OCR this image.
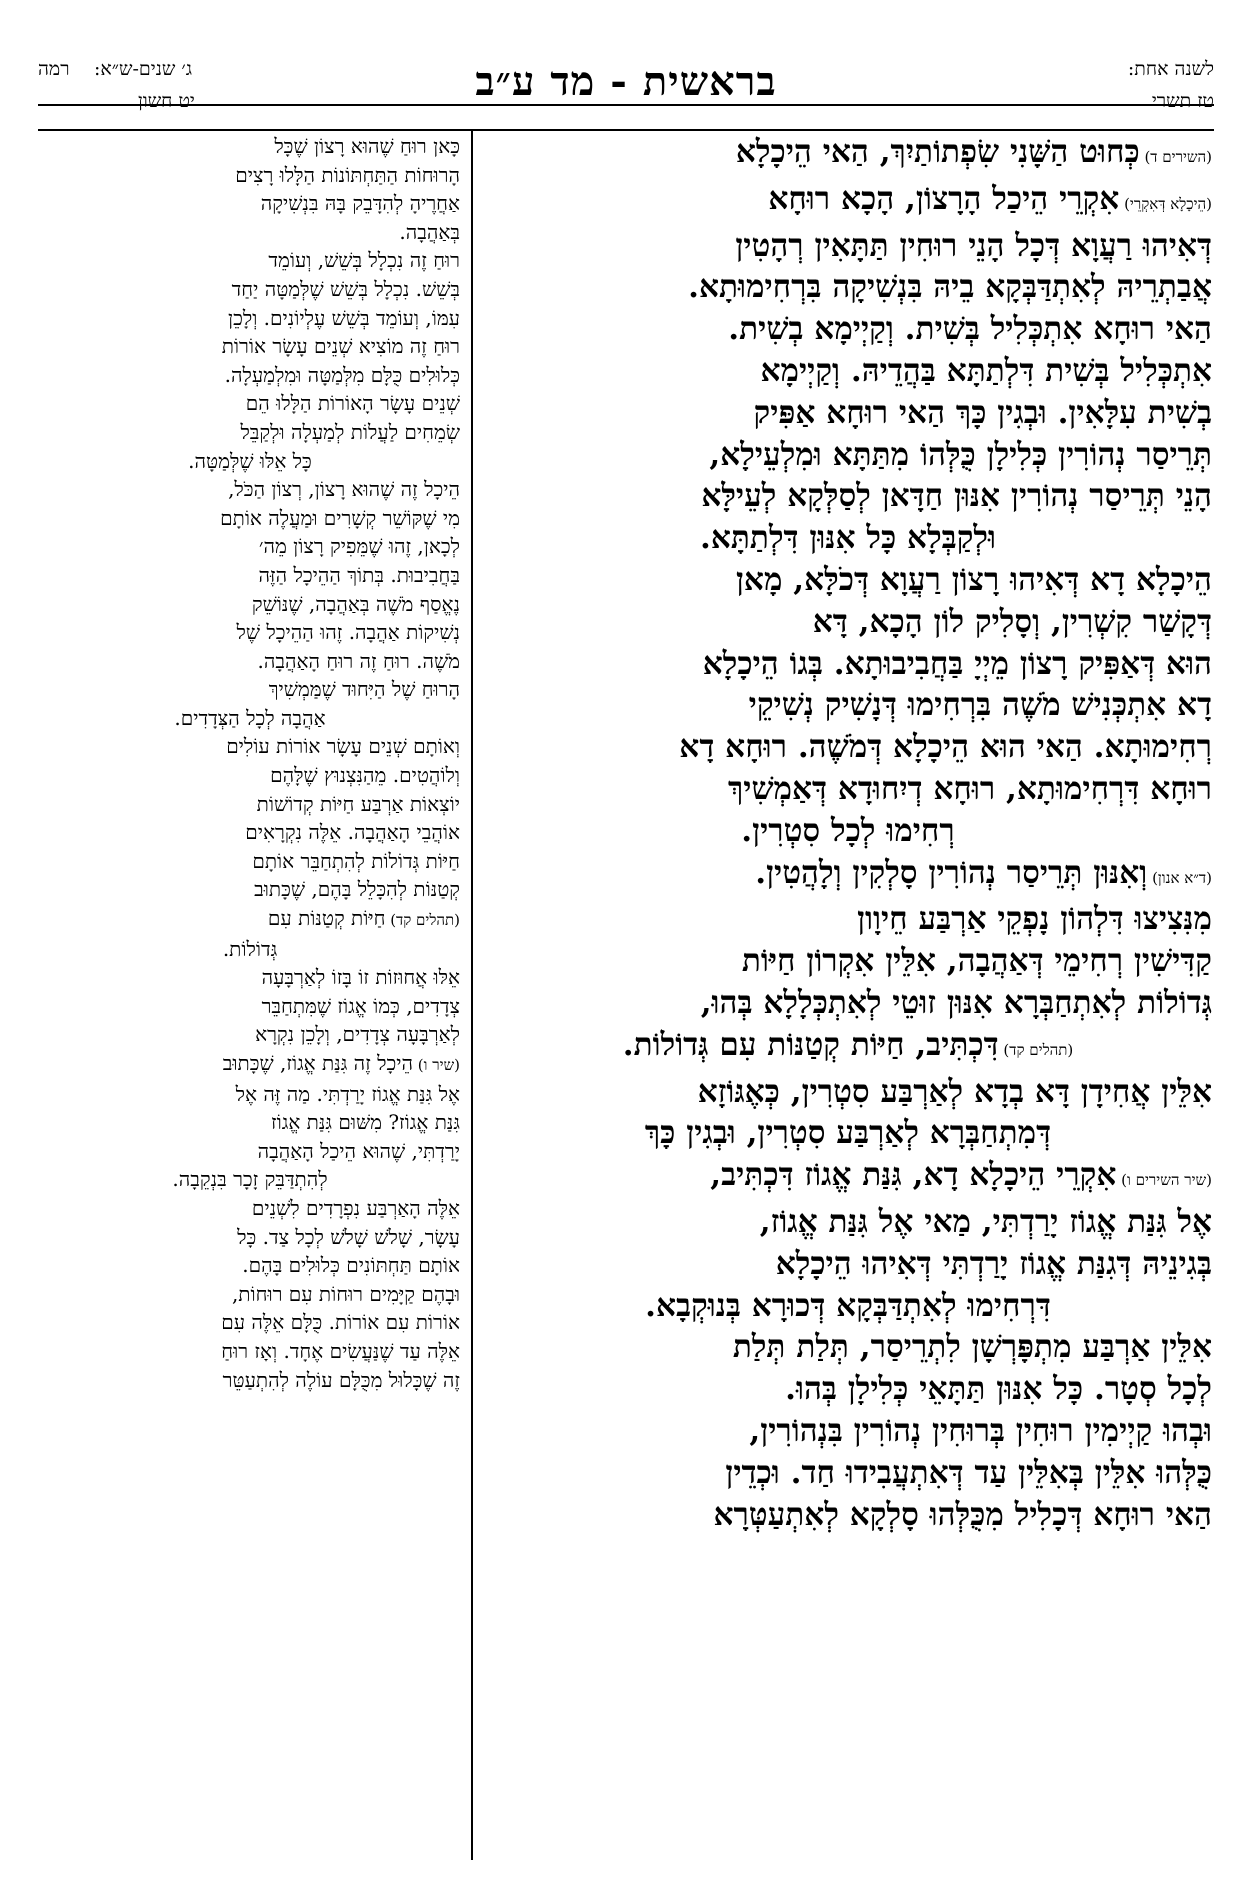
לשנה אחת:
טז תשרי
בראשית - מד ע״ב
ג׳ שנים-ש״א:
רמה
יט חשון

(השירים ד) כְּחוּט הַשָּׁנִי שִׂפְתוֹתַיִךְ, הַאי הֵיכָלָא

(הֵיכָלָא דְּאִקְרֵי) אִקְרֵי הֵיכַל הָרָצוֹן, הָכָא רוּחָא

דְּאִיהוּ רַעֲוָא דְּכָל הָנֵי רוּחִין תַּתָּאִין רְהָטִין

אֲבַתְרֵיהּ לְאִתְדַּבְּקָא בֵיהּ בִּנְשִׁיקָה בִּרְחִימוּתָא.

הַאי רוּחָא אִתְכְּלִיל בְּשִׁית. וְקַיְימָא בְשִׁית.

אִתְכְּלִיל בְּשִׁית דִּלְתַתָּא בַּהֲדֵיהּ. וְקַיְימָא

בְשִׁית עִלָּאִין. וּבְגִין כָּךְ הַאי רוּחָא אַפִּיק

תְּרֵיסַר נְהוֹרִין כְּלִילָן כֻּלְּהוֹ מִתַּתָּא וּמִלְעֵילָא,

הָנֵי תְּרֵיסַר נְהוֹרִין אִנּוּן חַדָּאן לְסַלְּקָא לְעֵילָּא

וּלְקַבְּלָא כָּל אִנּוּן דִּלְתַתָּא.

הֵיכָלָא דָא דְּאִיהוּ רָצוֹן רַעֲוָא דְּכֹלָּא, מָאן

דְּקָשַׁר קִשְׁרִין, וְסָלִיק לוֹן הָכָא, דָּא

הוּא דְּאַפִּיק רָצוֹן מֵיְיָ בַּחֲבִיבוּתָא. בְּגוֹ הֵיכָלָא

דָא אִתְכְּנִישׁ מֹשֶׁה בִּרְחִימוּ דְּנָשִׁיק נְשִׁיקֵי

רְחִימוּתָא. הַאי הוּא הֵיכָלָא דְּמֹשֶׁה. רוּחָא דָא

רוּחָא דִּרְחִימוּתָא, רוּחָא דְיִחוּדָא דְּאַמְשִׁיךְ

רְחִימוּ לְכָל סִטְרִין.

(ד״א אנון) וְאִנּוּן תְּרֵיסַר נְהוֹרִין סָלְקִין וְלָהֲטִין.

מִנִּצִיצוּ דִּלְהוֹן נָפְקֵי אַרְבַּע חֵיוָון

קַדִּישִׁין רְחִימֵי דְּאַהֲבָה, אִלֵּין אִקְרוֹן חַיּוֹת

גְּדוֹלוֹת לְאִתְחַבְּרָא אִנּוּן זוּטֵי לְאִתְכְּלָלָא בְּהוּ,

(תהלים קד) דִּכְתִּיב, חַיּוֹת קְטַנּוֹת עִם גְּדוֹלוֹת.

אִלֵּין אֲחִידָן דָּא בְדָא לְאַרְבַּע סִטְרִין, כְּאֶגּוֹזָא

דְּמִתְחַבְּרָא לְאַרְבַּע סִטְרִין, וּבְגִין כָּךְ

(שיר השירים ו) אִקְרֵי הֵיכָלָא דָא, גִּנַּת אֱגוֹז דִּכְתִּיב,

אֶל גִּנַּת אֱגוֹז יָרַדְתִּי, מַאי אֶל גִּנַּת אֱגוֹז,

בְּגִינֵיהּ דְּגִנַּת אֱגוֹז יָרַדְתִּי דְּאִיהוּ הֵיכָלָא

דִּרְחִימוּ לְאִתְדַּבְּקָא דְּכוּרָא בְּנוּקְבָא.

אִלֵּין אַרְבַּע מִתְפָּרְשָׁן לִתְרֵיסַר, תְּלַת תְּלַת

לְכָל סְטָר. כָּל אִנּוּן תַּתָּאֵי כְּלִילָן בְּהוּ.

וּבְהוּ קַיְימִין רוּחִין בְּרוּחִין נְהוֹרִין בִּנְהוֹרִין,

כֻּלְּהוּ אִלֵּין בְּאִלֵּין עַד דְּאִתְעֲבִידוּ חַד. וּכְדֵין

הַאי רוּחָא דְּכָלִיל מִכֻּלְּהוּ סָלְקָא לְאִתְעַטְּרָא

כָּאן רוּחַ שֶׁהוּא רָצוֹן שֶׁכָּל

הָרוּחוֹת הַתַּחְתּוֹנוֹת הַלָּלוּ רָצִים

אַחֲרֶיהָ לְהִדָּבֵק בָּהּ בִּנְשִׁיקָה

בְּאַהֲבָה.

רוּחַ זֶה נִכְלָל בְּשֵׁשׁ, וְעוֹמֵד

בְּשֵׁשׁ. נִכְלָל בְּשֵׁשׁ שֶׁלְּמַטָּה יַחַד

עִמּוֹ, וְעוֹמֵד בְּשֵׁשׁ עֶלְיוֹנִים. וְלָכֵן

רוּחַ זֶה מוֹצִיא שְׁנֵים עָשָׂר אוֹרוֹת

כְּלוּלִים כֻּלָּם מִלְּמַטָּה וּמִלְמַעְלָה.

שְׁנֵים עָשָׂר הָאוֹרוֹת הַלָּלוּ הֵם

שְׂמֵחִים לַעֲלוֹת לְמַעְלָה וּלְקַבֵּל

כָּל אֵלּוּ שֶׁלְּמַטָּה.

הֵיכָל זֶה שֶׁהוּא רָצוֹן, רְצוֹן הַכֹּל,

מִי שֶׁקּוֹשֵׁר קְשָׁרִים וּמַעֲלֶה אוֹתָם

לְכָאן, זֶהוּ שֶׁמֵּפִיק רָצוֹן מֵה׳

בַּחֲבִיבוּת. בְּתוֹךְ הַהֵיכָל הַזֶּה

נֶאֱסַף מֹשֶׁה בְּאַהֲבָה, שֶׁנּוֹשֵׁק

נְשִׁיקוֹת אַהֲבָה. זֶהוּ הַהֵיכָל שֶׁל

מֹשֶׁה. רוּחַ זֶה רוּחַ הָאַהֲבָה.

הָרוּחַ שֶׁל הַיִּחוּד שֶׁמַּמְשִׁיךְ

אַהֲבָה לְכָל הַצְּדָדִים.

וְאוֹתָם שְׁנֵים עָשָׂר אוֹרוֹת עוֹלִים

וְלוֹהֲטִים. מֵהַנִּצְנוּץ שֶׁלָּהֶם

יוֹצְאוֹת אַרְבַּע חַיּוֹת קְדוֹשׁוֹת

אוֹהֲבֵי הָאַהֲבָה. אֵלֶּה נִקְרָאִים

חַיּוֹת גְּדוֹלוֹת לְהִתְחַבֵּר אוֹתָם

קְטַנּוֹת לְהִכָּלֵל בָּהֶם, שֶׁכָּתוּב

(תהלים קד) חַיּוֹת קְטַנּוֹת עִם

גְּדוֹלוֹת.

אֵלּוּ אֲחוּזוֹת זוֹ בָּזוֹ לְאַרְבָּעָה

צְדָדִים, כְּמוֹ אֱגוֹז שֶׁמִּתְחַבֵּר

לְאַרְבָּעָה צְדָדִים, וְלָכֵן נִקְרָא

(שיר ו) הֵיכָל זֶה גִּנַּת אֱגוֹז, שֶׁכָּתוּב

אֶל גִּנַּת אֱגוֹז יָרַדְתִּי. מַה זֶּה אֶל

גִּנַּת אֱגוֹז? מִשּׁוּם גִּנַּת אֱגוֹז

יָרַדְתִּי, שֶׁהוּא הֵיכַל הָאַהֲבָה

לְהִתְדַּבֵּק זָכָר בִּנְקֵבָה.

אֵלֶּה הָאַרְבַּע נִפְרָדִים לִשְׁנֵים

עָשָׂר, שָׁלֹשׁ שָׁלֹשׁ לְכָל צַד. כָּל

אוֹתָם תַּחְתּוֹנִים כְּלוּלִים בָּהֶם.

וּבָהֶם קַיָּמִים רוּחוֹת עִם רוּחוֹת,

אוֹרוֹת עִם אוֹרוֹת. כֻּלָּם אֵלֶּה עִם

אֵלֶּה עַד שֶׁנַּעֲשִׂים אֶחָד. וְאָז רוּחַ

זֶה שֶׁכָּלוּל מִכֻּלָּם עוֹלֶה לְהִתְעַטֵּר
